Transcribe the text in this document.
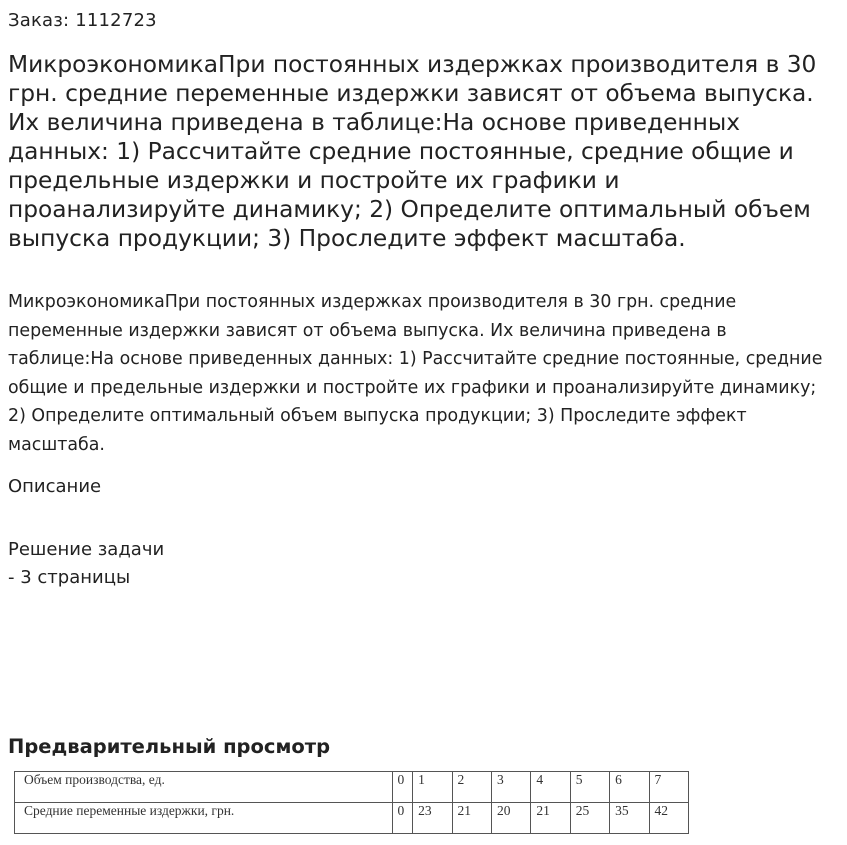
Заказ: 1112723
МикроэкономикаПри постоянных издержках производителя в 30 грн. средние переменные издержки зависят от объема выпуска. Их величина приведена в таблице:На основе приведенных данных: 1) Рассчитайте средние постоянные, средние общие и предельные издержки и постройте их графики и проанализируйте динамику; 2) Определите оптимальный объем выпуска продукции; 3) Проследите эффект масштаба.

МикроэкономикаПри постоянных издержках производителя в 30 грн. средние переменные издержки зависят от объема выпуска. Их величина приведена в таблице:На основе приведенных данных: 1) Рассчитайте средние постоянные, средние общие и предельные издержки и постройте их графики и проанализируйте динамику; 2) Определите оптимальный объем выпуска продукции; 3) Проследите эффект масштаба.

Описание
Решение задачи
- 3 страницы
Предварительный просмотр
Объем производства, ед.	0	1	2	3	4	5	6	7
Средние переменные издержки, грн.	0	23	21	20	21	25	35	42
